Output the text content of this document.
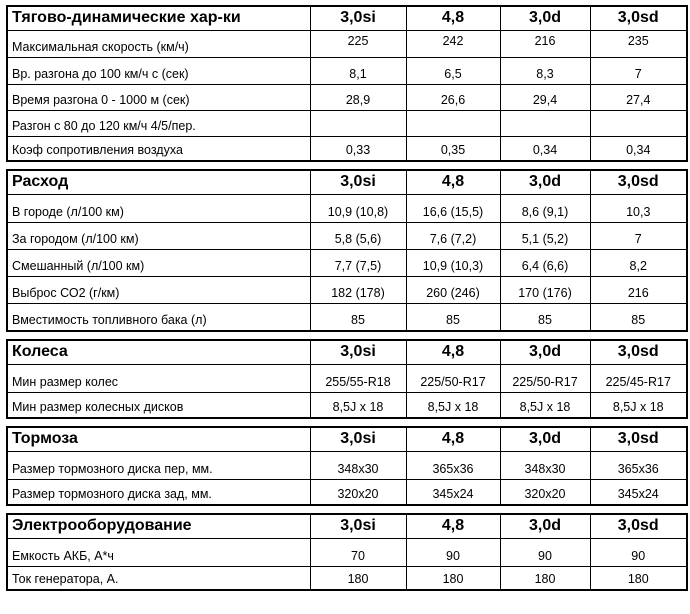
Тягово-динамические хар-ки	3,0si	4,8	3,0d	3,0sd
Максимальная скорость (км/ч)	225	242	216	235
Вр. разгона до 100 км/ч с (сек)	8,1	6,5	8,3	7
Время разгона 0 - 1000 м (сек)	28,9	26,6	29,4	27,4
Разгон с 80 до 120 км/ч 4/5/пер.				
Коэф сопротивления воздуха	0,33	0,35	0,34	0,34
Расход	3,0si	4,8	3,0d	3,0sd
В городе (л/100 км)	10,9 (10,8)	16,6 (15,5)	8,6 (9,1)	10,3
За городом (л/100 км)	5,8 (5,6)	7,6 (7,2)	5,1 (5,2)	7
Смешанный (л/100 км)	7,7 (7,5)	10,9 (10,3)	6,4 (6,6)	8,2
Выброс СО2 (г/км)	182 (178)	260 (246)	170 (176)	216
Вместимость топливного бака (л)	85	85	85	85
Колеса	3,0si	4,8	3,0d	3,0sd
Мин размер колес	255/55-R18	225/50-R17	225/50-R17	225/45-R17
Мин размер колесных дисков	8,5J x 18	8,5J x 18	8,5J x 18	8,5J x 18
Тормоза	3,0si	4,8	3,0d	3,0sd
Размер тормозного диска пер, мм.	348x30	365x36	348x30	365x36
Размер тормозного диска зад, мм.	320x20	345x24	320x20	345x24
Электрооборудование	3,0si	4,8	3,0d	3,0sd
Емкость АКБ, А*ч	70	90	90	90
Ток генератора, А.	180	180	180	180
